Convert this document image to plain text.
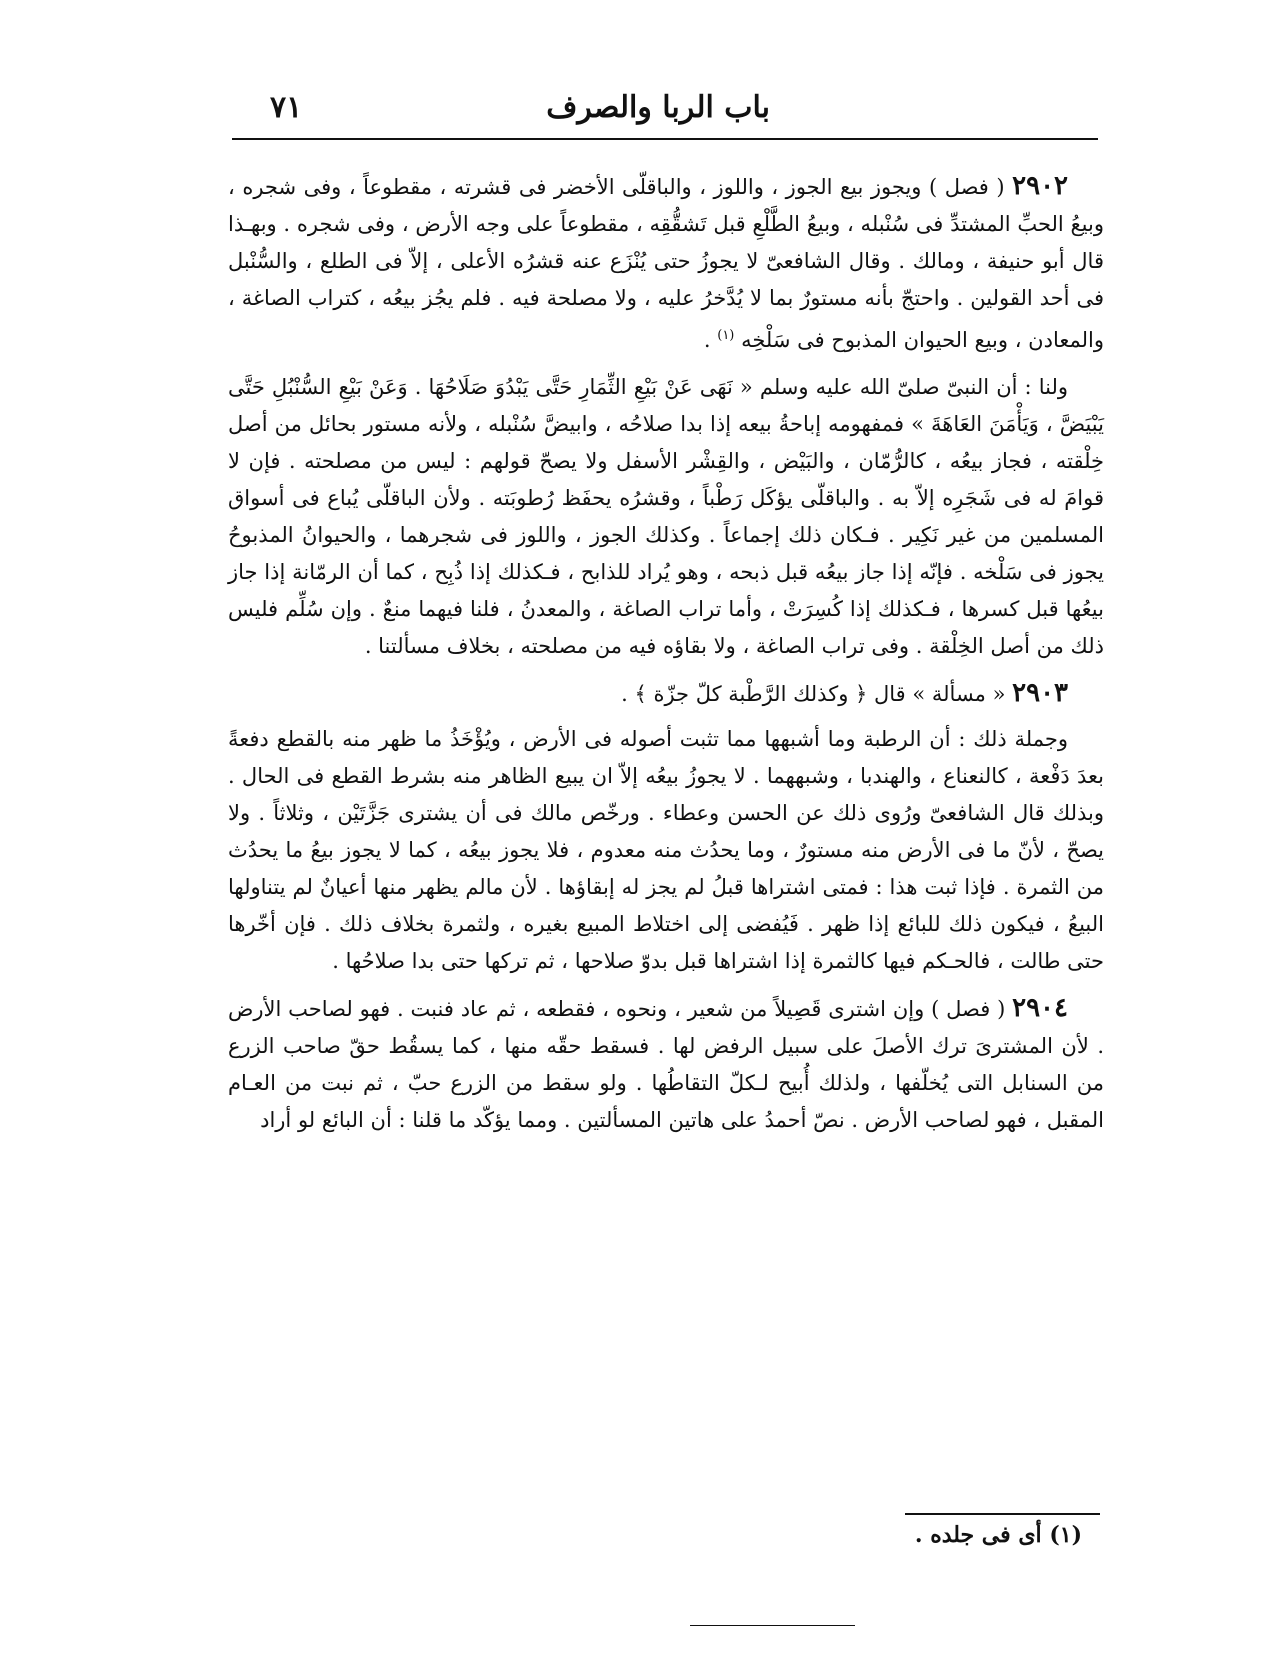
باب الربا والصرف
٧١

٢٩٠٢ ( فصل ) ويجوز بيع الجوز ، واللوز ، والباقلّى الأخضر فى قشرته ، مقطوعاً ، وفى شجره ، وبيعُ الحبِّ المشتدِّ فى سُنْبله ، وبيعُ الطَّلْعِ قبل تَشقُّقِه ، مقطوعاً على وجه الأرض ، وفى شجره . وبهـذا قال أبو حنيفة ، ومالك . وقال الشافعىّ لا يجوزُ حتى يُنْزَع عنه قشرُه الأعلى ، إلاّ فى الطلع ، والسُّنْبل فى أحد القولين . واحتجّ بأنه مستورٌ بما لا يُدَّخرُ عليه ، ولا مصلحة فيه . فلم يجُز بيعُه ، كتراب الصاغة ، والمعادن ، وبيع الحيوان المذبوح فى سَلْخِه $^{(١)}$ .

ولنا : أن النبىّ صلىّ الله عليه وسلم « نَهَى عَنْ بَيْعِ الثِّمَارِ حَتَّى يَبْدُوَ صَلَاحُهَا . وَعَنْ بَيْعِ السُّنْبُلِ حَتَّى يَبْيَضَّ ، وَيَأْمَنَ العَاهَةَ » فمفهومه إباحةُ بيعه إذا بدا صلاحُه ، وابيضَّ سُنْبله ، ولأنه مستور بحائل من أصل خِلْقته ، فجاز بيعُه ، كالرُّمّان ، والبَيْض ، والقِشْر الأسفل ولا يصحّ قولهم : ليس من مصلحته . فإن لا قوامَ له فى شَجَرِه إلاّ به . والباقلّى يؤكَل رَطْباً ، وقشرُه يحفَظ رُطوبَته . ولأن الباقلّى يُباع فى أسواق المسلمين من غير نَكِير . فـكان ذلك إجماعاً . وكذلك الجوز ، واللوز فى شجرهما ، والحيوانُ المذبوحُ يجوز فى سَلْخه . فإنّه إذا جاز بيعُه قبل ذبحه ، وهو يُراد للذابح ، فـكذلك إذا ذُبِح ، كما أن الرمّانة إذا جاز بيعُها قبل كسرها ، فـكذلك إذا كُسِرَتْ ، وأما تراب الصاغة ، والمعدنُ ، فلنا فيهما منعٌ . وإن سُلِّم فليس ذلك من أصل الخِلْقة . وفى تراب الصاغة ، ولا بقاؤه فيه من مصلحته ، بخلاف مسألتنا .

٢٩٠٣ « مسألة » قال ﴿ وكذلك الرَّطْبة كلّ جزّة ﴾ .

وجملة ذلك : أن الرطبة وما أشبهها مما تثبت أصوله فى الأرض ، ويُؤْخَذُ ما ظهر منه بالقطع دفعةً بعدَ دَفْعة ، كالنعناع ، والهندبا ، وشبههما . لا يجوزُ بيعُه إلاّ ان يبيع الظاهر منه بشرط القطع فى الحال . وبذلك قال الشافعىّ ورُوى ذلك عن الحسن وعطاء . ورخّص مالك فى أن يشترى جَزَّتَيْن ، وثلاثاً . ولا يصحّ ، لأنّ ما فى الأرض منه مستورٌ ، وما يحدُث منه معدوم ، فلا يجوز بيعُه ، كما لا يجوز بيعُ ما يحدُث من الثمرة . فإذا ثبت هذا : فمتى اشتراها قبلُ لم يجز له إبقاؤها . لأن مالم يظهر منها أعيانٌ لم يتناولها البيعُ ، فيكون ذلك للبائع إذا ظهر . فَيُفضى إلى اختلاط المبيع بغيره ، ولثمرة بخلاف ذلك . فإن أخّرها حتى طالت ، فالحـكم فيها كالثمرة إذا اشتراها قبل بدوّ صلاحها ، ثم تركها حتى بدا صلاحُها .

٢٩٠٤ ( فصل ) وإن اشترى قَصِيلاً من شعير ، ونحوه ، فقطعه ، ثم عاد فنبت . فهو لصاحب الأرض . لأن المشترىَ ترك الأصلَ على سبيل الرفض لها . فسقط حقّه منها ، كما يسقُط حقّ صاحب الزرع من السنابل التى يُخلّفها ، ولذلك أُبيح لـكلّ التقاطُها . ولو سقط من الزرع حبّ ، ثم نبت من العـام المقبل ، فهو لصاحب الأرض . نصّ أحمدُ على هاتين المسألتين . ومما يؤكّد ما قلنا : أن البائع لو أراد

(١) أى فى جلده .
